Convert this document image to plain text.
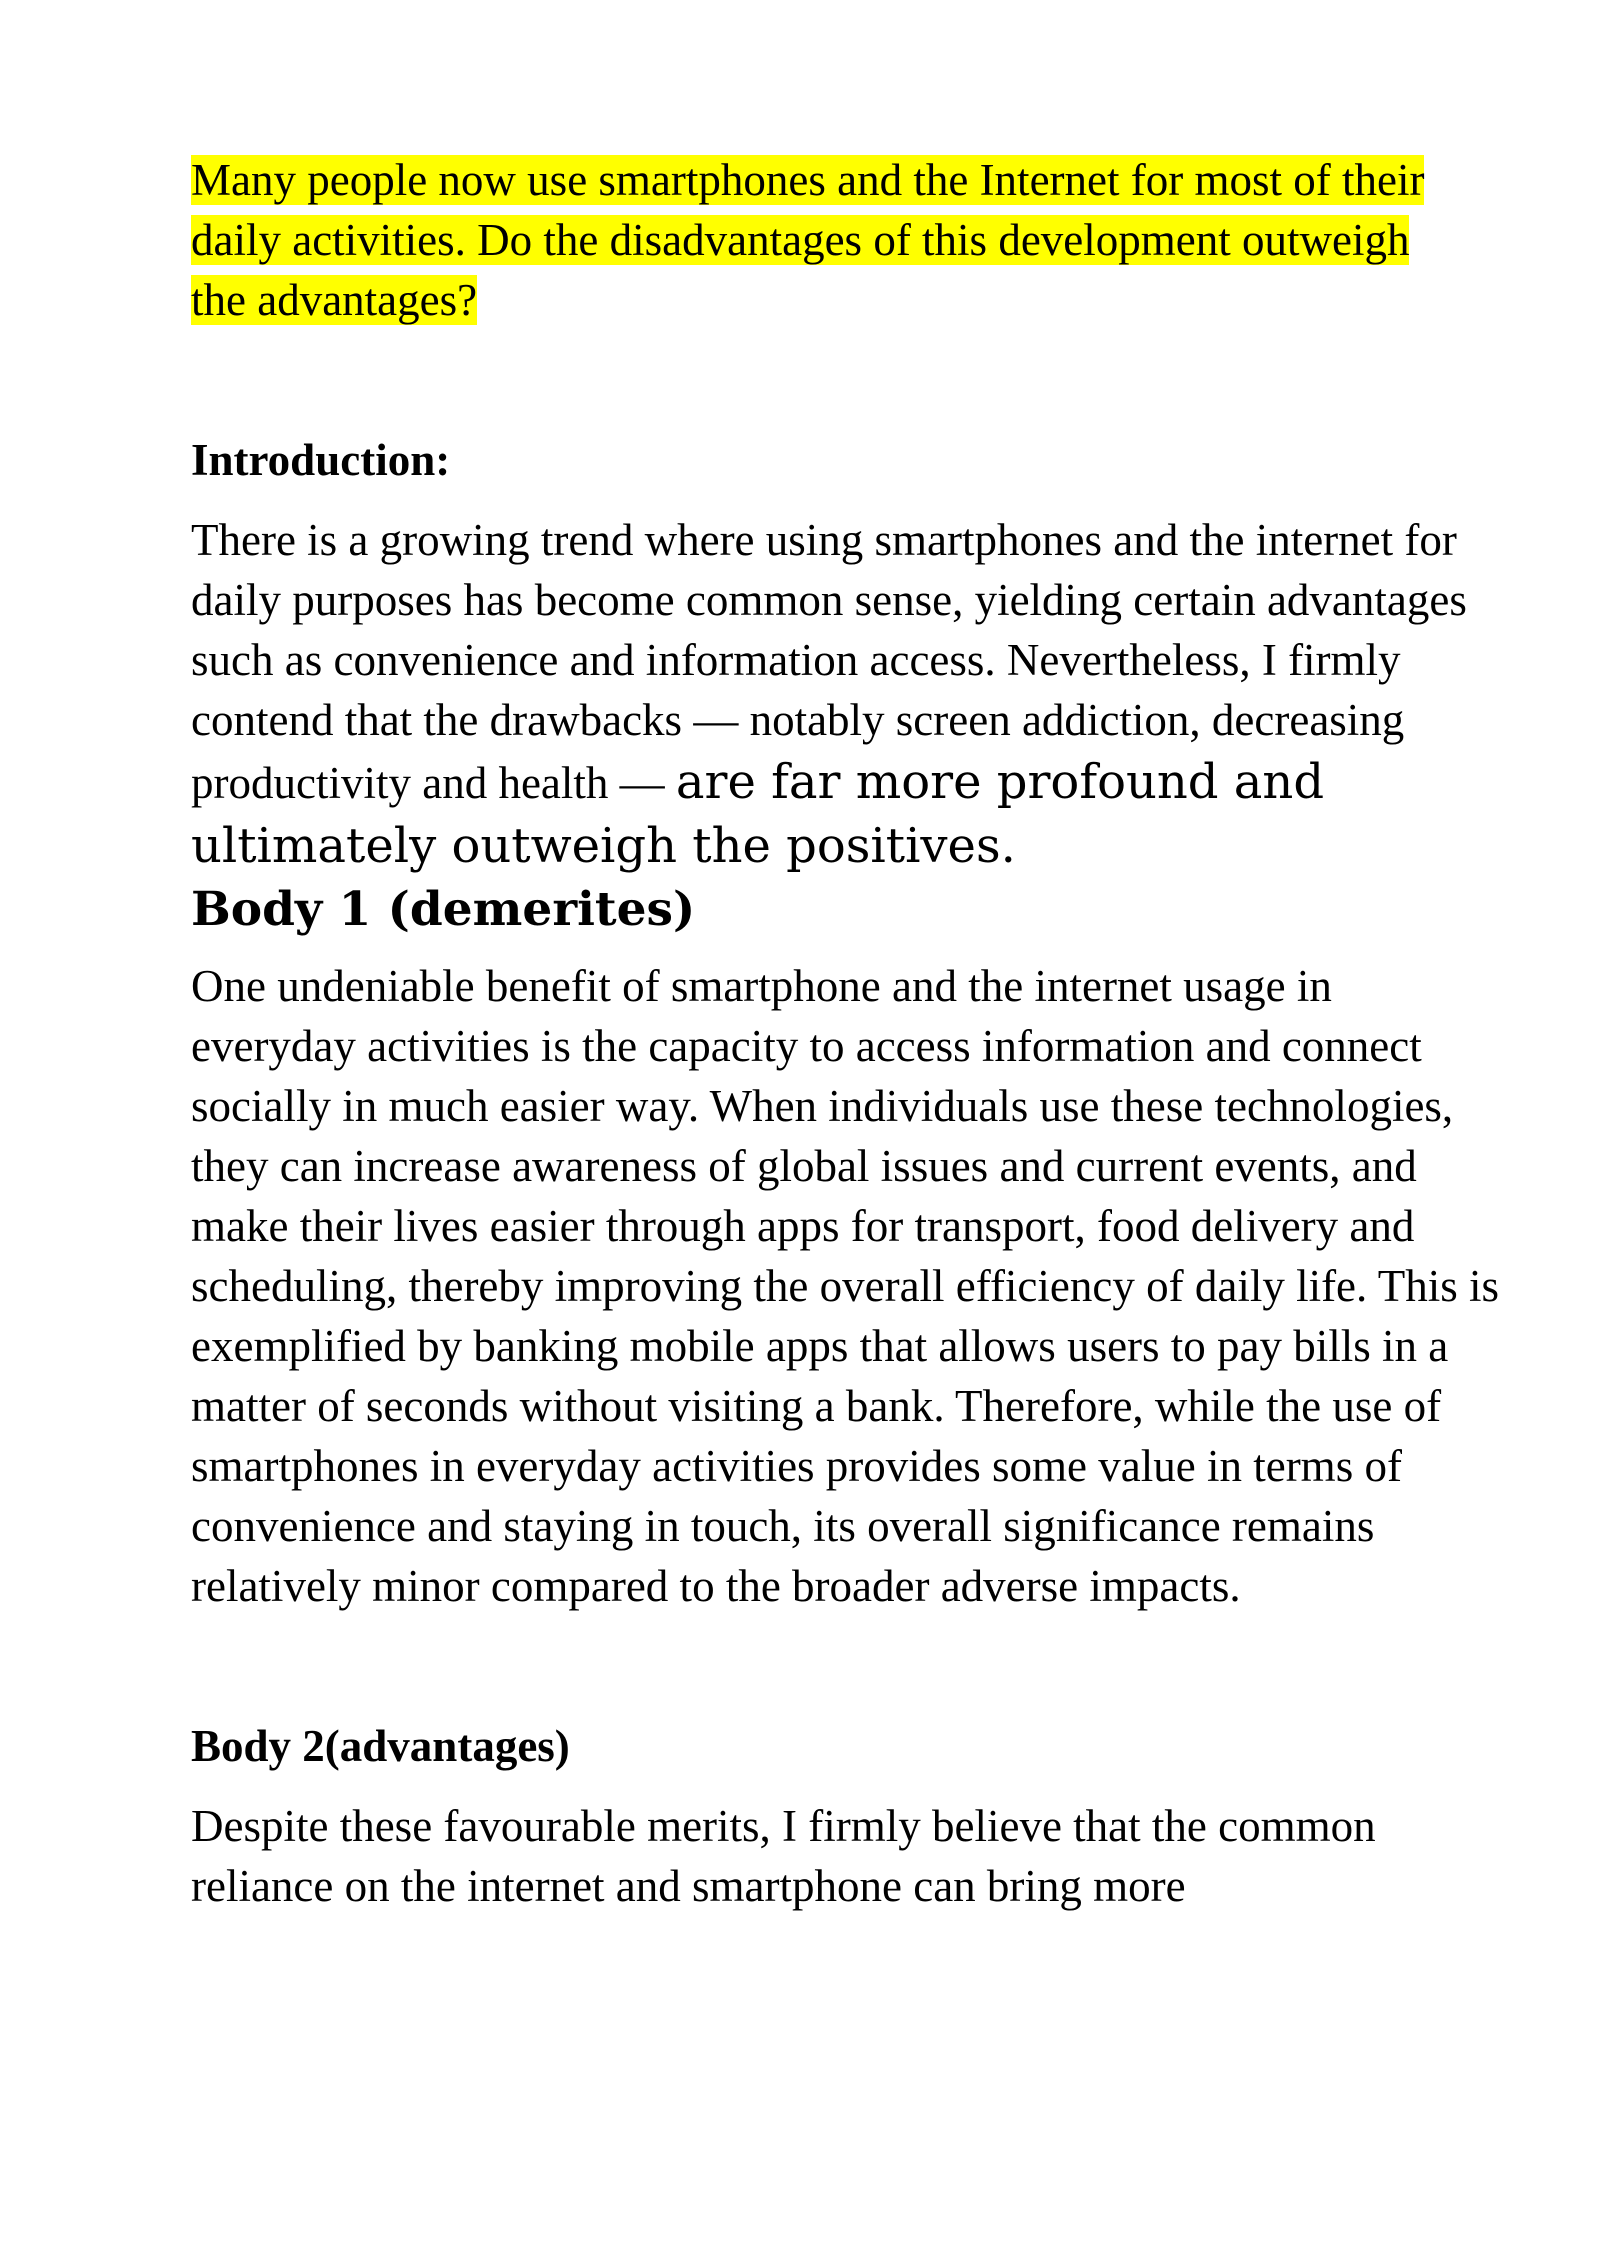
Many people now use smartphones and the Internet for most of their daily activities. Do the disadvantages of this development outweigh the advantages?

Introduction:

There is a growing trend where using smartphones and the internet for daily purposes has become common sense, yielding certain advantages such as convenience and information access. Nevertheless, I firmly contend that the drawbacks — notably screen addiction, decreasing productivity and health — are far more profound and ultimately outweigh the positives.

Body 1 (demerites)

One undeniable benefit of smartphone and the internet usage in everyday activities is the capacity to access information and connect socially in much easier way. When individuals use these technologies, they can increase awareness of global issues and current events, and make their lives easier through apps for transport, food delivery and scheduling, thereby improving the overall efficiency of daily life. This is exemplified by banking mobile apps that allows users to pay bills in a matter of seconds without visiting a bank. Therefore, while the use of smartphones in everyday activities provides some value in terms of convenience and staying in touch, its overall significance remains relatively minor compared to the broader adverse impacts.

Body 2(advantages)

Despite these favourable merits, I firmly believe that the common reliance on the internet and smartphone can bring more
